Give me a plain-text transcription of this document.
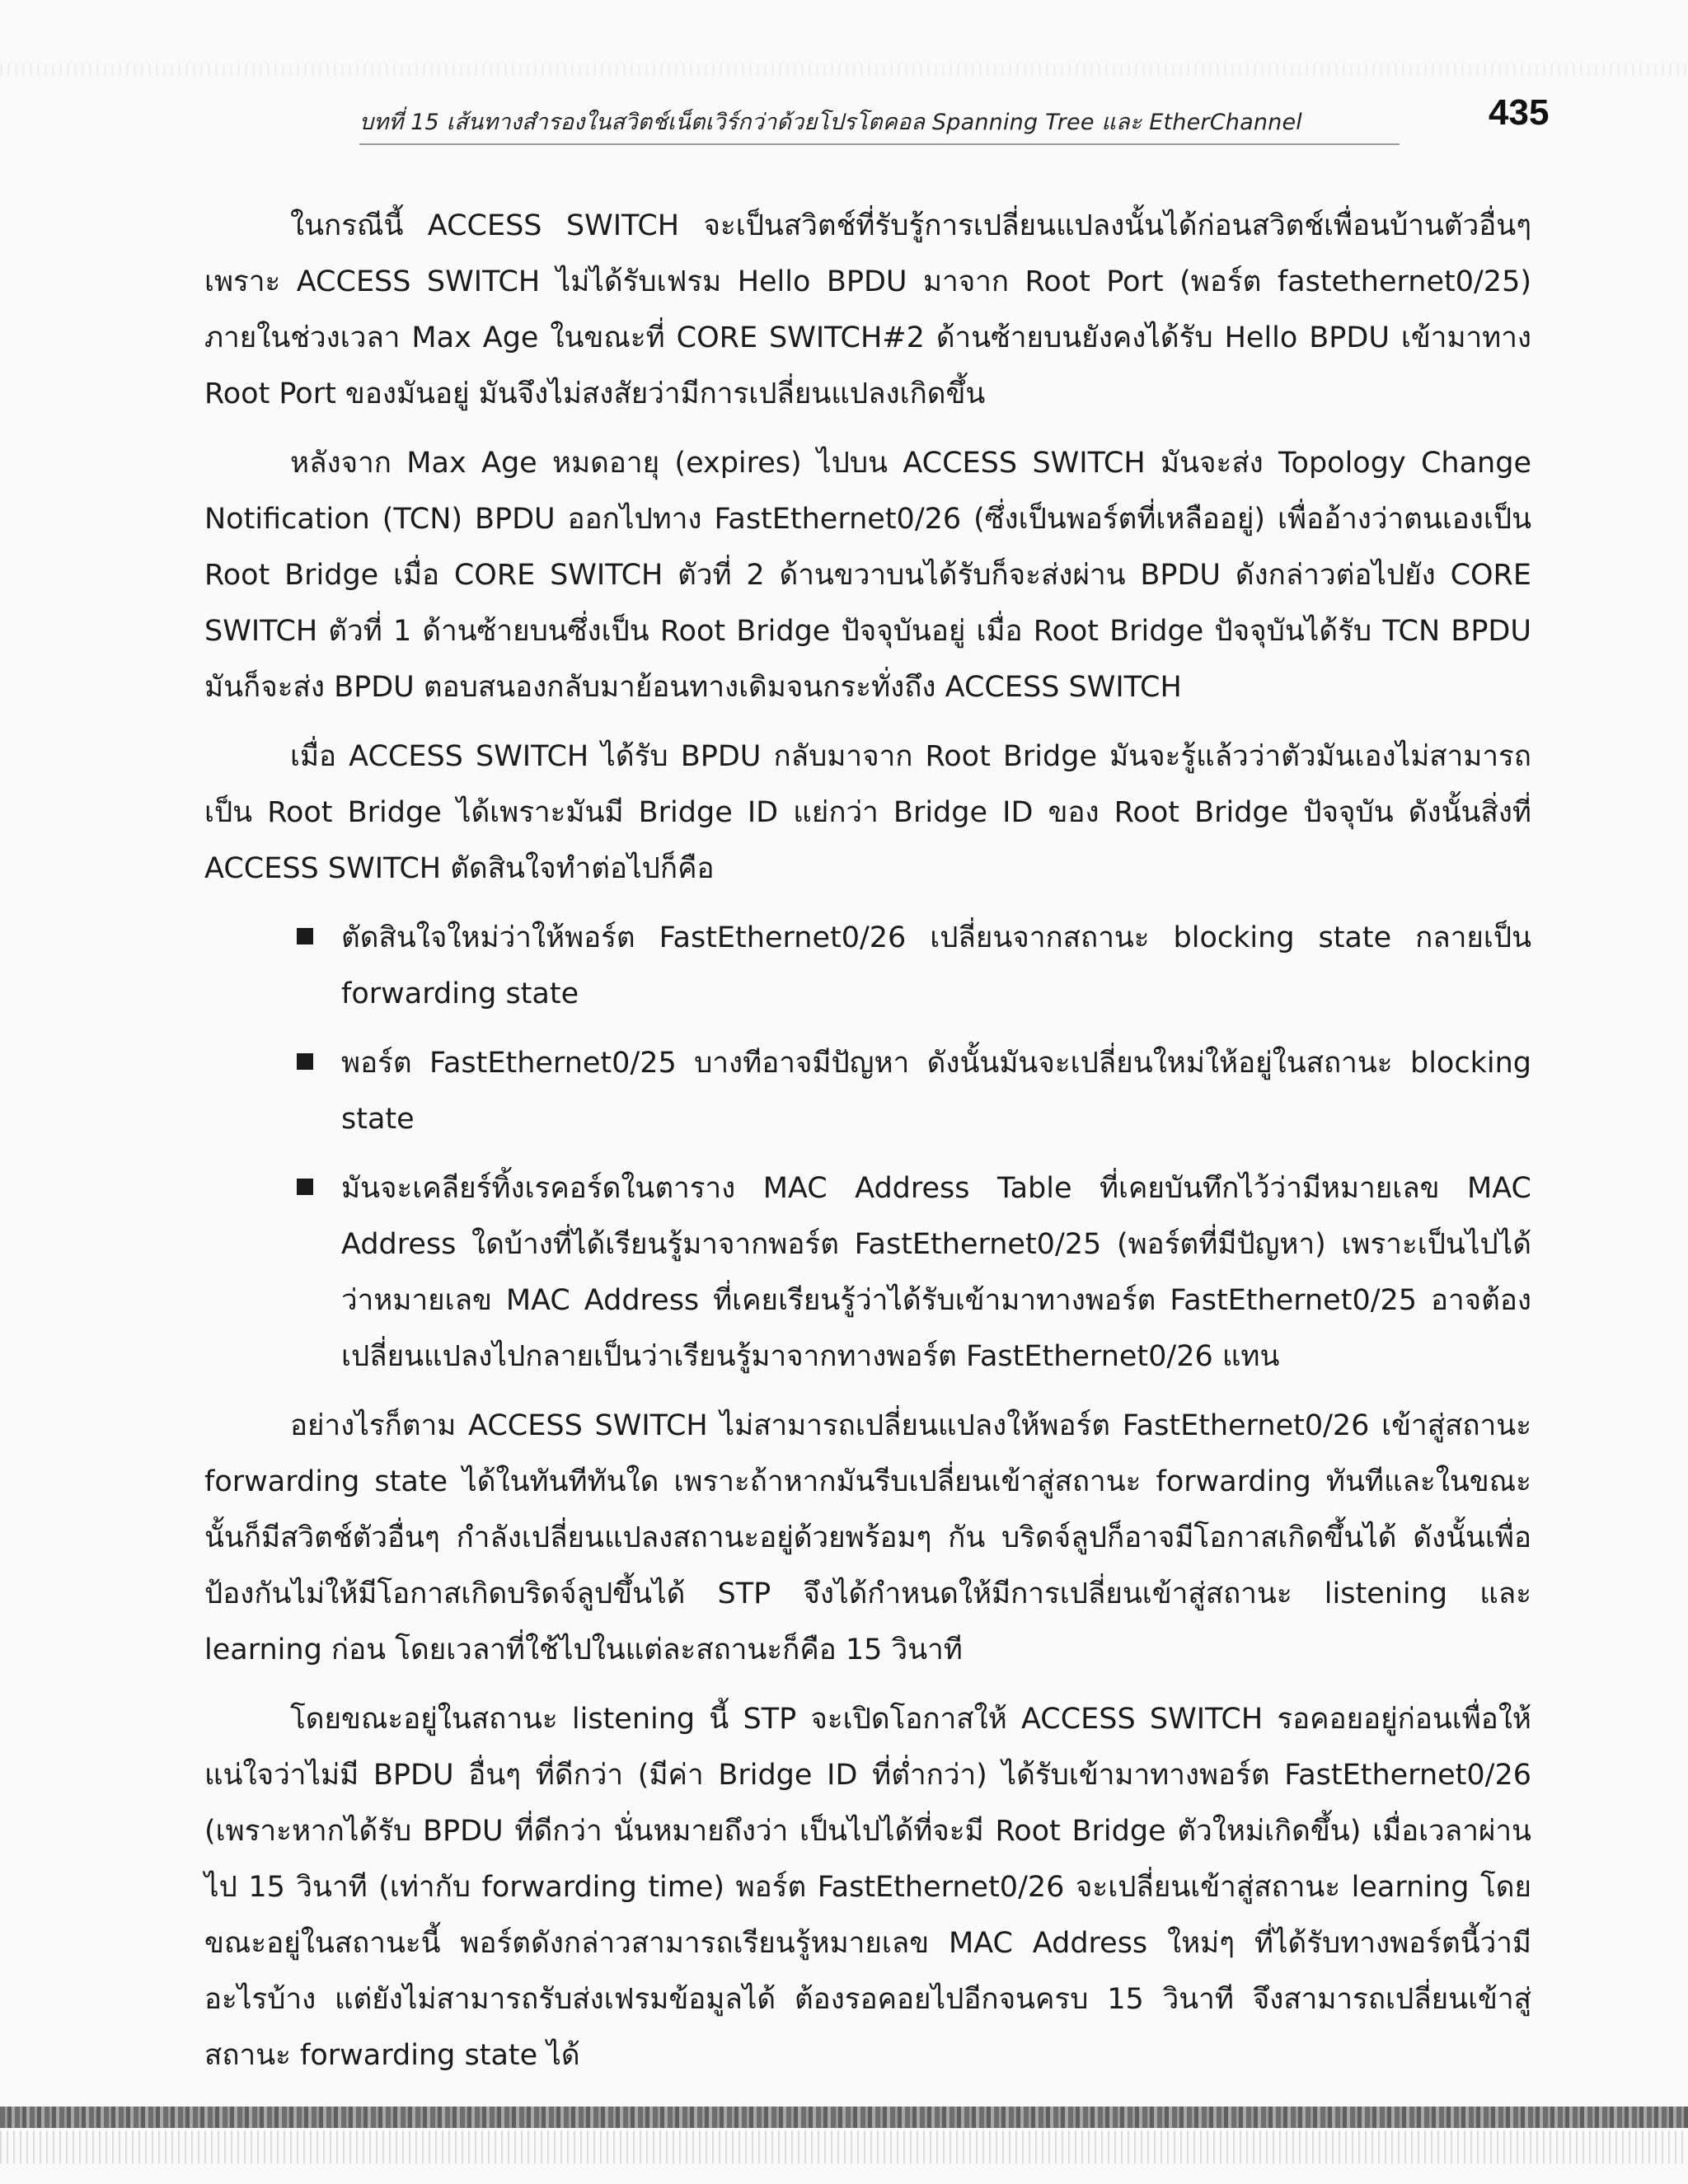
บทที่ 15 เส้นทางสำรองในสวิตช์เน็ตเวิร์กว่าด้วยโปรโตคอล Spanning Tree และ EtherChannel	435

ในกรณีนี้ ACCESS SWITCH จะเป็นสวิตช์ที่รับรู้การเปลี่ยนแปลงนั้นได้ก่อนสวิตช์เพื่อนบ้านตัวอื่นๆ เพราะ ACCESS SWITCH ไม่ได้รับเฟรม Hello BPDU มาจาก Root Port (พอร์ต fastethernet0/25) ภายในช่วงเวลา Max Age ในขณะที่ CORE SWITCH#2 ด้านซ้ายบนยังคงได้รับ Hello BPDU เข้ามาทาง Root Port ของมันอยู่ มันจึงไม่สงสัยว่ามีการเปลี่ยนแปลงเกิดขึ้น

หลังจาก Max Age หมดอายุ (expires) ไปบน ACCESS SWITCH มันจะส่ง Topology Change Notification (TCN) BPDU ออกไปทาง FastEthernet0/26 (ซึ่งเป็นพอร์ตที่เหลืออยู่) เพื่ออ้างว่าตนเองเป็น Root Bridge เมื่อ CORE SWITCH ตัวที่ 2 ด้านขวาบนได้รับก็จะส่งผ่าน BPDU ดังกล่าวต่อไปยัง CORE SWITCH ตัวที่ 1 ด้านซ้ายบนซึ่งเป็น Root Bridge ปัจจุบันอยู่ เมื่อ Root Bridge ปัจจุบันได้รับ TCN BPDU มันก็จะส่ง BPDU ตอบสนองกลับมาย้อนทางเดิมจนกระทั่งถึง ACCESS SWITCH

เมื่อ ACCESS SWITCH ได้รับ BPDU กลับมาจาก Root Bridge มันจะรู้แล้วว่าตัวมันเองไม่สามารถเป็น Root Bridge ได้เพราะมันมี Bridge ID แย่กว่า Bridge ID ของ Root Bridge ปัจจุบัน ดังนั้นสิ่งที่ ACCESS SWITCH ตัดสินใจทำต่อไปก็คือ

ตัดสินใจใหม่ว่าให้พอร์ต FastEthernet0/26 เปลี่ยนจากสถานะ blocking state กลายเป็น forwarding state
พอร์ต FastEthernet0/25 บางทีอาจมีปัญหา ดังนั้นมันจะเปลี่ยนใหม่ให้อยู่ในสถานะ blocking state
มันจะเคลียร์ทิ้งเรคอร์ดในตาราง MAC Address Table ที่เคยบันทึกไว้ว่ามีหมายเลข MAC Address ใดบ้างที่ได้เรียนรู้มาจากพอร์ต FastEthernet0/25 (พอร์ตที่มีปัญหา) เพราะเป็นไปได้ว่าหมายเลข MAC Address ที่เคยเรียนรู้ว่าได้รับเข้ามาทางพอร์ต FastEthernet0/25 อาจต้องเปลี่ยนแปลงไปกลายเป็นว่าเรียนรู้มาจากทางพอร์ต FastEthernet0/26 แทน

อย่างไรก็ตาม ACCESS SWITCH ไม่สามารถเปลี่ยนแปลงให้พอร์ต FastEthernet0/26 เข้าสู่สถานะ forwarding state ได้ในทันทีทันใด เพราะถ้าหากมันรีบเปลี่ยนเข้าสู่สถานะ forwarding ทันทีและในขณะนั้นก็มีสวิตช์ตัวอื่นๆ กำลังเปลี่ยนแปลงสถานะอยู่ด้วยพร้อมๆ กัน บริดจ์ลูปก็อาจมีโอกาสเกิดขึ้นได้ ดังนั้นเพื่อป้องกันไม่ให้มีโอกาสเกิดบริดจ์ลูปขึ้นได้ STP จึงได้กำหนดให้มีการเปลี่ยนเข้าสู่สถานะ listening และ learning ก่อน โดยเวลาที่ใช้ไปในแต่ละสถานะก็คือ 15 วินาที

โดยขณะอยู่ในสถานะ listening นี้ STP จะเปิดโอกาสให้ ACCESS SWITCH รอคอยอยู่ก่อนเพื่อให้แน่ใจว่าไม่มี BPDU อื่นๆ ที่ดีกว่า (มีค่า Bridge ID ที่ต่ำกว่า) ได้รับเข้ามาทางพอร์ต FastEthernet0/26 (เพราะหากได้รับ BPDU ที่ดีกว่า นั่นหมายถึงว่า เป็นไปได้ที่จะมี Root Bridge ตัวใหม่เกิดขึ้น) เมื่อเวลาผ่านไป 15 วินาที (เท่ากับ forwarding time) พอร์ต FastEthernet0/26 จะเปลี่ยนเข้าสู่สถานะ learning โดยขณะอยู่ในสถานะนี้ พอร์ตดังกล่าวสามารถเรียนรู้หมายเลข MAC Address ใหม่ๆ ที่ได้รับทางพอร์ตนี้ว่ามีอะไรบ้าง แต่ยังไม่สามารถรับส่งเฟรมข้อมูลได้ ต้องรอคอยไปอีกจนครบ 15 วินาที จึงสามารถเปลี่ยนเข้าสู่สถานะ forwarding state ได้
